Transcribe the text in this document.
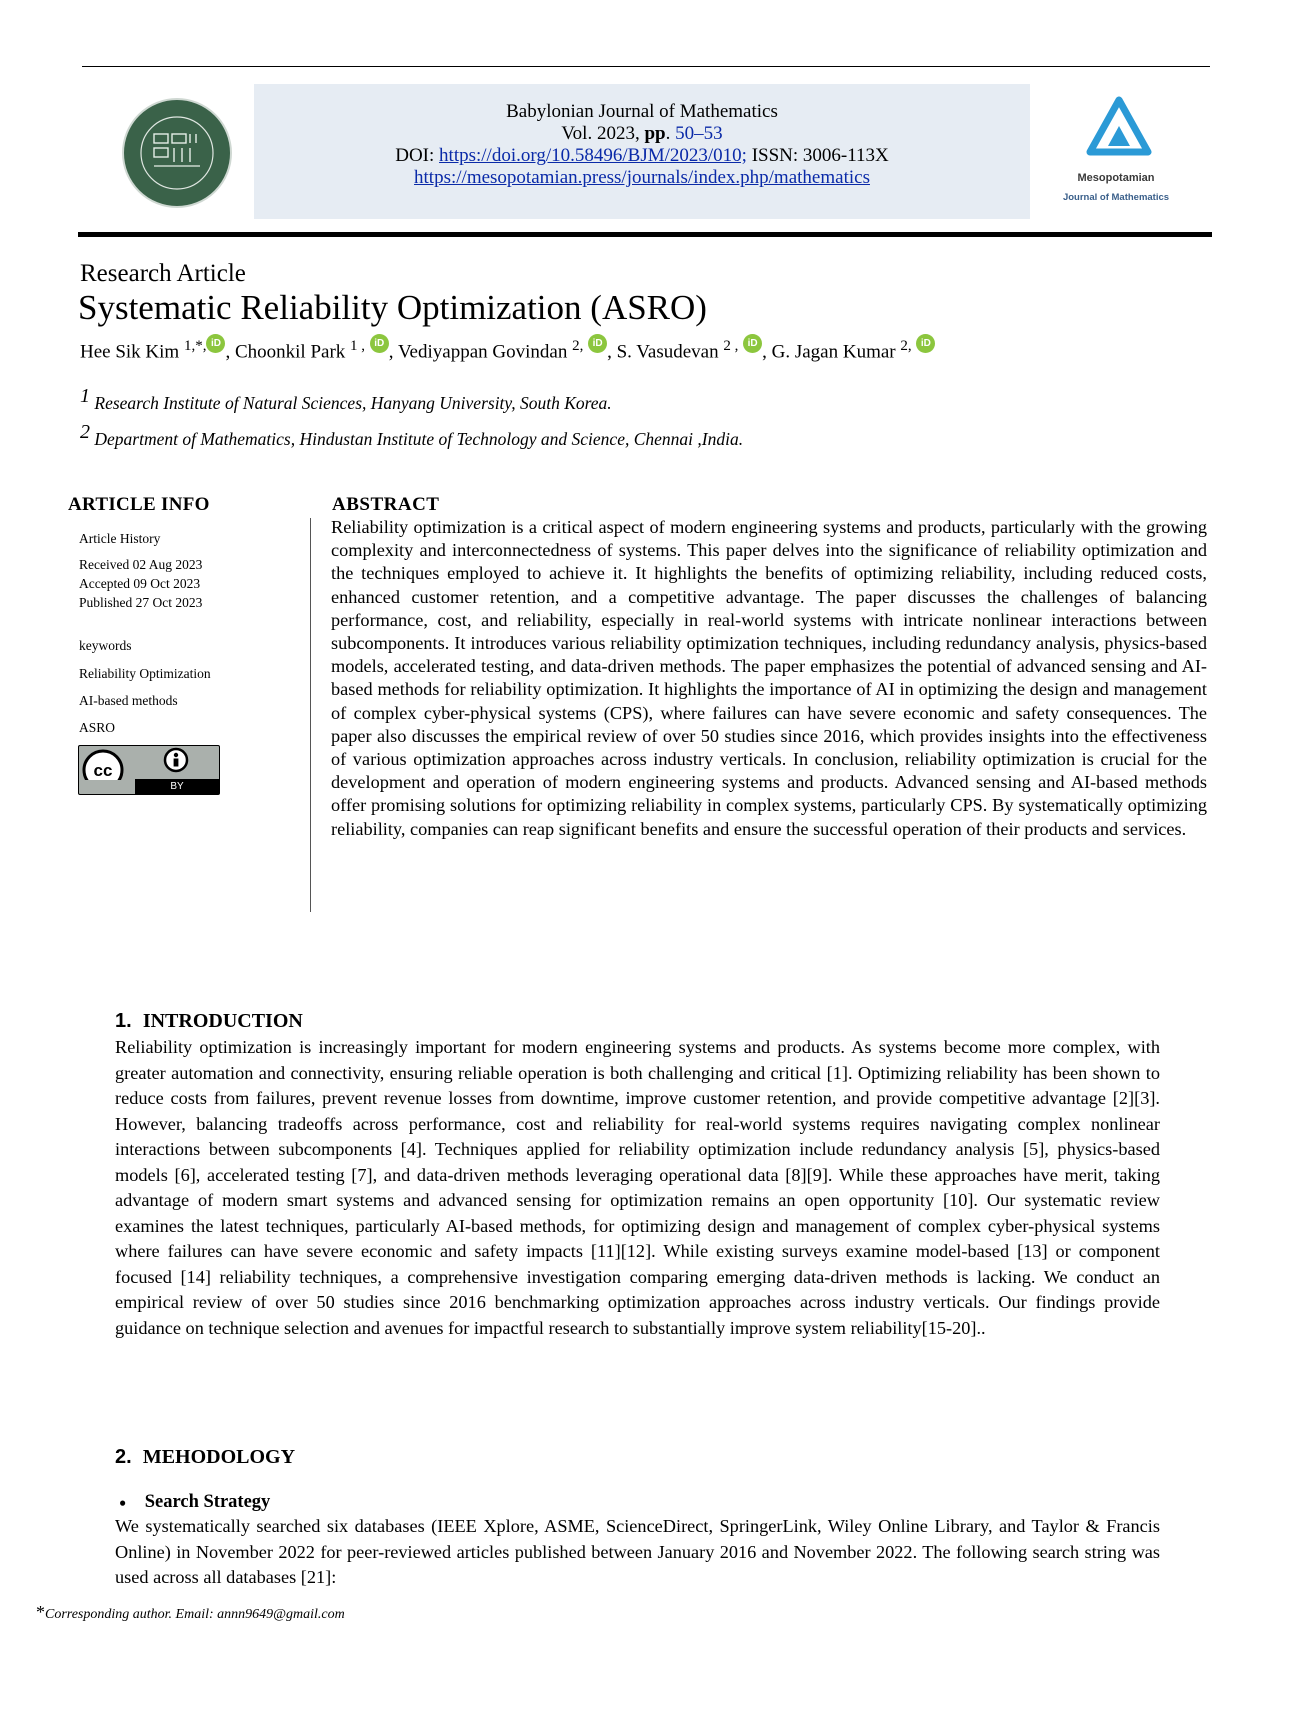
Babylonian Journal of Mathematics
Vol. 2023, pp. 50–53
DOI: https://doi.org/10.58496/BJM/2023/010; ISSN: 3006-113X
https://mesopotamian.press/journals/index.php/mathematics	Mesopotamian
Journal of Mathematics
Research Article
Systematic Reliability Optimization (ASRO)
Hee Sik Kim $^{1,*,}$ iD , Choonkil Park $^{1 ,}$ iD , Vediyappan Govindan $^{2,}$ iD , S. Vasudevan $^{2 ,}$ iD , G. Jagan Kumar $^{2,}$ iD
$^1$ Research Institute of Natural Sciences, Hanyang University, South Korea.
$^2$ Department of Mathematics, Hindustan Institute of Technology and Science, Chennai ,India.
ARTICLE INFO
Article History
Received 02 Aug 2023
Accepted 09 Oct 2023
Published 27 Oct 2023
keywords
Reliability Optimization
AI-based methods
ASRO
cc
BY
ABSTRACT
Reliability optimization is a critical aspect of modern engineering systems and products, particularly with the growing complexity and interconnectedness of systems. This paper delves into the significance of reliability optimization and the techniques employed to achieve it. It highlights the benefits of optimizing reliability, including reduced costs, enhanced customer retention, and a competitive advantage. The paper discusses the challenges of balancing performance, cost, and reliability, especially in real-world systems with intricate nonlinear interactions between subcomponents. It introduces various reliability optimization techniques, including redundancy analysis, physics-based models, accelerated testing, and data-driven methods. The paper emphasizes the potential of advanced sensing and AI-based methods for reliability optimization. It highlights the importance of AI in optimizing the design and management of complex cyber-physical systems (CPS), where failures can have severe economic and safety consequences. The paper also discusses the empirical review of over 50 studies since 2016, which provides insights into the effectiveness of various optimization approaches across industry verticals. In conclusion, reliability optimization is crucial for the development and operation of modern engineering systems and products. Advanced sensing and AI-based methods offer promising solutions for optimizing reliability in complex systems, particularly CPS. By systematically optimizing reliability, companies can reap significant benefits and ensure the successful operation of their products and services.
1. INTRODUCTION
Reliability optimization is increasingly important for modern engineering systems and products. As systems become more complex, with greater automation and connectivity, ensuring reliable operation is both challenging and critical [1]. Optimizing reliability has been shown to reduce costs from failures, prevent revenue losses from downtime, improve customer retention, and provide competitive advantage [2][3]. However, balancing tradeoffs across performance, cost and reliability for real-world systems requires navigating complex nonlinear interactions between subcomponents [4]. Techniques applied for reliability optimization include redundancy analysis [5], physics-based models [6], accelerated testing [7], and data-driven methods leveraging operational data [8][9]. While these approaches have merit, taking advantage of modern smart systems and advanced sensing for optimization remains an open opportunity [10]. Our systematic review examines the latest techniques, particularly AI-based methods, for optimizing design and management of complex cyber-physical systems where failures can have severe economic and safety impacts [11][12]. While existing surveys examine model-based [13] or component focused [14] reliability techniques, a comprehensive investigation comparing emerging data-driven methods is lacking. We conduct an empirical review of over 50 studies since 2016 benchmarking optimization approaches across industry verticals. Our findings provide guidance on technique selection and avenues for impactful research to substantially improve system reliability[15-20]..
2. MEHODOLOGY
● Search Strategy
We systematically searched six databases (IEEE Xplore, ASME, ScienceDirect, SpringerLink, Wiley Online Library, and Taylor & Francis Online) in November 2022 for peer-reviewed articles published between January 2016 and November 2022. The following search string was used across all databases [21]:
*Corresponding author. Email: annn9649@gmail.com
